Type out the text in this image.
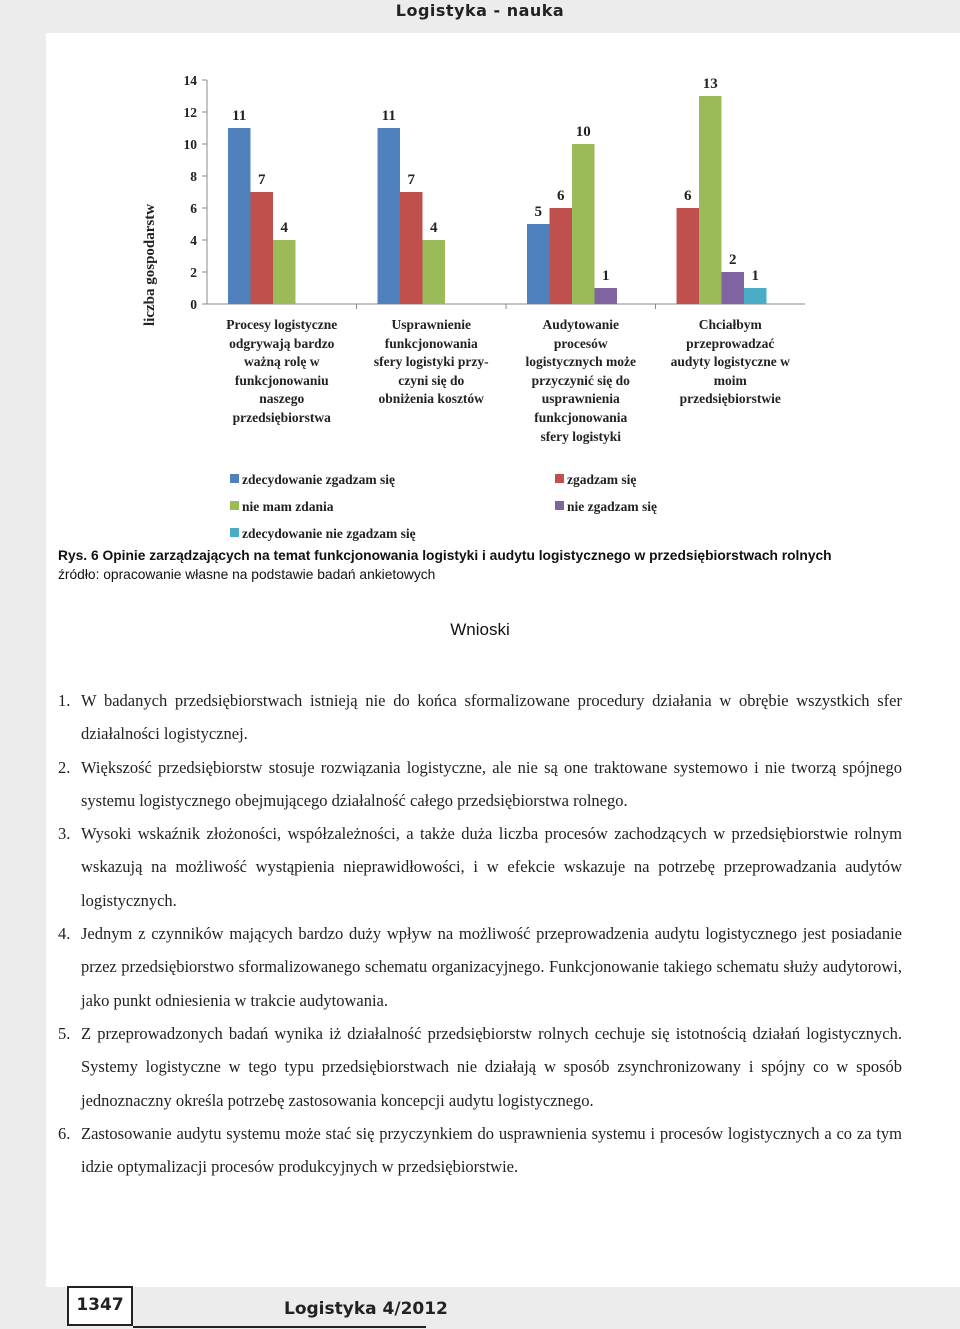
Logistyka - nauka
liczba gospodarstw 0
2
4
6
8
10
12
14
11
7
4
11
7
4
5
6
10
1
6
13
2
1
Procesy logistyczne
odgrywają bardzo
ważną rolę w
funkcjonowaniu
naszego
przedsiębiorstwa
Usprawnienie
funkcjonowania
sfery logistyki przy-
czyni się do
obniżenia kosztów
Audytowanie
procesów
logistycznych może
przyczynić się do
usprawnienia
funkcjonowania
sfery logistyki
Chciałbym
przeprowadzać
audyty logistyczne w
moim
przedsiębiorstwie
zdecydowanie zgadzam się	zgadzam się
nie mam zdania	nie zgadzam się
zdecydowanie nie zgadzam się
Rys. 6 Opinie zarządzających na temat funkcjonowania logistyki i audytu logistycznego w przedsiębiorstwach rolnych
źródło: opracowanie własne na podstawie badań ankietowych
Wnioski
1. W badanych przedsiębiorstwach istnieją nie do końca sformalizowane procedury działania w obrębie wszystkich sfer działalności logistycznej.
2. Większość przedsiębiorstw stosuje rozwiązania logistyczne, ale nie są one traktowane systemowo i nie tworzą spójnego systemu logistycznego obejmującego działalność całego przedsiębiorstwa rolnego.
3. Wysoki wskaźnik złożoności, współzależności, a także duża liczba procesów zachodzących w przedsiębiorstwie rolnym wskazują na możliwość wystąpienia nieprawidłowości, i w efekcie wskazuje na potrzebę przeprowadzania audytów logistycznych.
4. Jednym z czynników mających bardzo duży wpływ na możliwość przeprowadzenia audytu logistycznego jest posiadanie przez przedsiębiorstwo sformalizowanego schematu organizacyjnego. Funkcjonowanie takiego schematu służy audytorowi, jako punkt odniesienia w trakcie audytowania.
5. Z przeprowadzonych badań wynika iż działalność przedsiębiorstw rolnych cechuje się istotnością działań logistycznych. Systemy logistyczne w tego typu przedsiębiorstwach nie działają w sposób zsynchronizowany i spójny co w sposób jednoznaczny określa potrzebę zastosowania koncepcji audytu logistycznego.
6. Zastosowanie audytu systemu może stać się przyczynkiem do usprawnienia systemu i procesów logistycznych a co za tym idzie optymalizacji procesów produkcyjnych w przedsiębiorstwie.
1347	Logistyka 4/2012
